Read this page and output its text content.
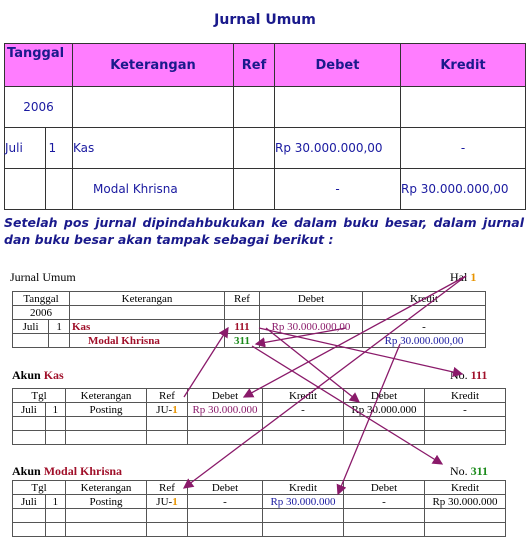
Jurnal Umum
Tanggal		Keterangan	Ref	Debet	Kredit
2006					
Juli	1	Kas		Rp 30.000.000,00	-
		Modal Khrisna		-	Rp 30.000.000,00
Setelah pos jurnal dipindahbukukan ke dalam buku besar, dalam jurnal dan buku besar akan tampak sebagai berikut :
Jurnal Umum	Hal 1
Tanggal		Keterangan	Ref	Debet	Kredit
2006					
Juli	1	Kas	111	Rp 30.000.000,00	-
		Modal Khrisna	311		Rp 30.000.000,00
Akun Kas	No. 111
Tgl		Keterangan	Ref	Debet	Kredit	Debet	Kredit
Juli	1	Posting	JU-1	Rp 30.000.000	-	Rp 30.000.000	-

Akun Modal Khrisna	No. 311
Tgl		Keterangan	Ref	Debet	Kredit	Debet	Kredit
Juli	1	Posting	JU-1	-	Rp 30.000.000	-	Rp 30.000.000
